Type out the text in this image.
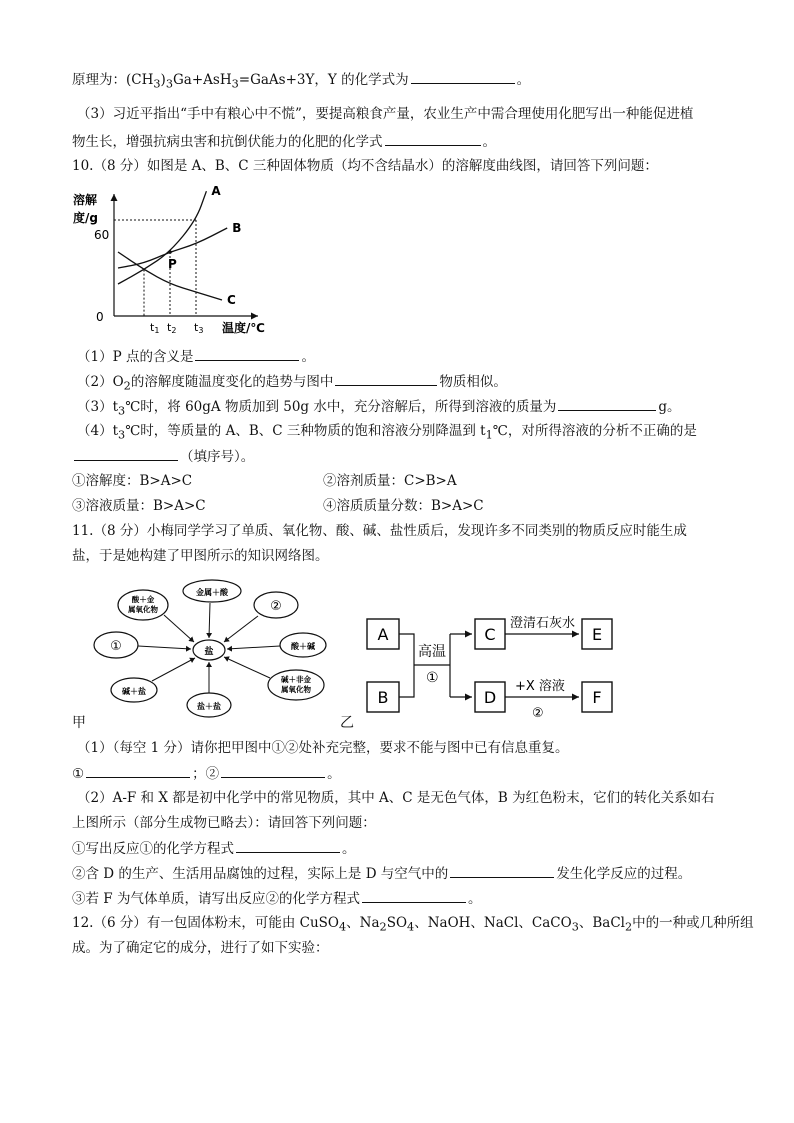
原理为：$(CH_3)_3Ga+AsH_3=GaAs+3Y$，Y 的化学式为	。
（3）习近平指出“手中有粮心中不慌”，要提高粮食产量，农业生产中需合理使用化肥写出一种能促进植
物生长，增强抗病虫害和抗倒伏能力的化肥的化学式	。
10.（8 分）如图是 A、B、C 三种固体物质（均不含结晶水）的溶解度曲线图，请回答下列问题：
溶解
度/g
温度/℃
60
0
t1 t2 t3
A
B
C
P
（1）P 点的含义是	。
$(2)O_2$的溶解度随温度变化的趋势与图中	物质相似。
$(3)t_3℃$时，将 60gA 物质加到 50g 水中，充分溶解后，所得到溶液的质量为	g。
$(4)t_3℃$时，等质量的 A、B、C 三种物质的饱和溶液分别降温到 $t_1℃$，对所得溶液的分析不正确的是
（填序号）。
①溶解度：B>A>C	②溶剂质量：C>B>A
③溶液质量：B>A>C	④溶质质量分数：B>A>C
11.（8 分）小梅同学学习了单质、氧化物、酸、碱、盐性质后，发现许多不同类别的物质反应时能生成
盐，于是她构建了甲图所示的知识网络图。
盐
金属＋酸
酸＋金
属氧化物	②
①	酸＋碱
碱＋盐
盐＋盐
碱＋非金
属氧化物
甲
A
B
高温
①
C
D
澄清石灰水
+X 溶液
②
E
F
乙
（1）（每空 1 分）请你把甲图中①②处补充完整，要求不能与图中已有信息重复。
①	；②	。
（2）A-F 和 X 都是初中化学中的常见物质，其中 A、C 是无色气体，B 为红色粉末，它们的转化关系如右
上图所示（部分生成物已略去）：请回答下列问题：
①写出反应①的化学方程式	。
②含 D 的生产、生活用品腐蚀的过程，实际上是 D 与空气中的	发生化学反应的过程。
③若 F 为气体单质，请写出反应②的化学方程式	。
12.（6 分）有一包固体粉末，可能由 CuSO$_4$、$Na_2SO_4$、NaOH、NaCl、CaCO$_3$、BaCl$_2$中的一种或几种所组
成。为了确定它的成分，进行了如下实验：
